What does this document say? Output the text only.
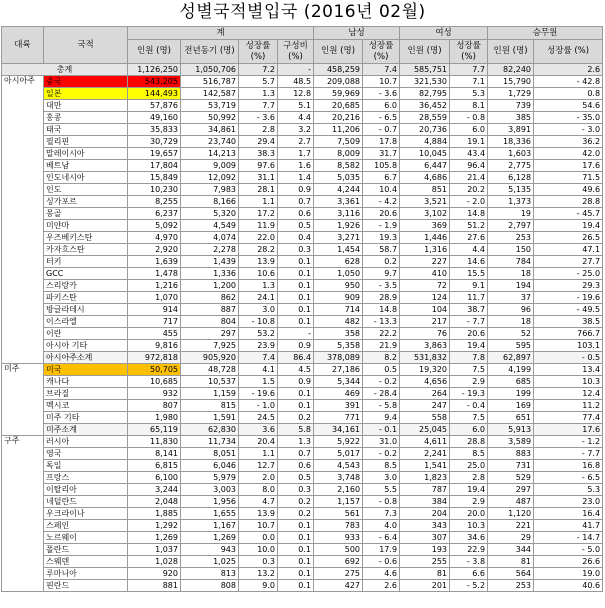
성별국적별입국 (2016년 02월)
대륙	국적	계				남성		여성		승무원	
		인원 (명)	전년동기 (명)	성장률 (%)	구성비 (%)	인원 (명)	성장률 (%)	인원 (명)	성장률 (%)	인원 (명)	성장률 (%)
총계		1,126,250	1,050,706	7.2	-	458,259	7.4	585,751	7.7	82,240	2.6
아시아주	중국	543,205	516,787	5.7	48.5	209,088	10.7	321,530	7.1	15,790	- 42.8
	일본	144,493	142,587	1.3	12.8	59,969	- 3.6	82,795	5.3	1,729	0.8
	대만	57,876	53,719	7.7	5.1	20,685	6.0	36,452	8.1	739	54.6
	홍콩	49,160	50,992	- 3.6	4.4	20,216	- 6.5	28,559	- 0.8	385	- 35.0
	태국	35,833	34,861	2.8	3.2	11,206	- 0.7	20,736	6.0	3,891	- 3.0
	필리핀	30,729	23,740	29.4	2.7	7,509	17.8	4,884	19.1	18,336	36.2
	말레이시아	19,657	14,213	38.3	1.7	8,009	31.7	10,045	43.4	1,603	42.0
	베트남	17,804	9,009	97.6	1.6	8,582	105.8	6,447	96.4	2,775	17.6
	인도네시아	15,849	12,092	31.1	1.4	5,035	6.7	4,686	21.4	6,128	71.5
	인도	10,230	7,983	28.1	0.9	4,244	10.4	851	20.2	5,135	49.6
	싱가포르	8,255	8,166	1.1	0.7	3,361	- 4.2	3,521	- 2.0	1,373	28.8
	몽골	6,237	5,320	17.2	0.6	3,116	20.6	3,102	14.8	19	- 45.7
	미얀마	5,092	4,549	11.9	0.5	1,926	- 1.9	369	51.2	2,797	19.4
	우즈베키스탄	4,970	4,074	22.0	0.4	3,271	19.3	1,446	27.6	253	26.5
	카자흐스탄	2,920	2,278	28.2	0.3	1,454	58.7	1,316	4.4	150	47.1
	터키	1,639	1,439	13.9	0.1	628	0.2	227	14.6	784	27.7
	GCC	1,478	1,336	10.6	0.1	1,050	9.7	410	15.5	18	- 25.0
	스리랑카	1,216	1,200	1.3	0.1	950	- 3.5	72	9.1	194	29.3
	파키스탄	1,070	862	24.1	0.1	909	28.9	124	11.7	37	- 19.6
	방글라데시	914	887	3.0	0.1	714	14.8	104	38.7	96	- 49.5
	이스라엘	717	804	- 10.8	0.1	482	- 13.3	217	- 7.7	18	38.5
	이란	455	297	53.2	-	358	22.2	76	20.6	52	766.7
	아시아 기타	9,816	7,925	23.9	0.9	5,358	21.9	3,863	19.4	595	103.1
	아시아주소계	972,818	905,920	7.4	86.4	378,089	8.2	531,832	7.8	62,897	- 0.5
미주	미국	50,705	48,728	4.1	4.5	27,186	0.5	19,320	7.5	4,199	13.4
	캐나다	10,685	10,537	1.5	0.9	5,344	- 0.2	4,656	2.9	685	10.3
	브라질	932	1,159	- 19.6	0.1	469	- 28.4	264	- 19.3	199	12.4
	멕시코	807	815	- 1.0	0.1	391	- 5.8	247	- 0.4	169	11.2
	미주 기타	1,980	1,591	24.5	0.2	771	9.4	558	7.5	651	77.4
	미주소계	65,119	62,830	3.6	5.8	34,161	- 0.1	25,045	6.0	5,913	17.6
구주	러시아	11,830	11,734	20.4	1.3	5,922	31.0	4,611	28.8	3,589	- 1.2
	영국	8,141	8,051	1.1	0.7	5,017	- 0.2	2,241	8.5	883	- 7.7
	독일	6,815	6,046	12.7	0.6	4,543	8.5	1,541	25.0	731	16.8
	프랑스	6,100	5,979	2.0	0.5	3,748	3.0	1,823	2.8	529	- 6.5
	이탈리아	3,244	3,003	8.0	0.3	2,160	5.5	787	19.4	297	5.3
	네덜란드	2,048	1,956	4.7	0.2	1,157	- 0.8	384	2.9	487	23.0
	우크라이나	1,885	1,655	13.9	0.2	561	7.3	204	20.0	1,120	16.4
	스페인	1,292	1,167	10.7	0.1	783	4.0	343	10.3	221	41.7
	노르웨이	1,269	1,269	0.0	0.1	933	- 6.4	307	34.6	29	- 14.7
	폴란드	1,037	943	10.0	0.1	500	17.9	193	22.9	344	- 5.0
	스웨덴	1,028	1,025	0.3	0.1	692	- 0.6	255	- 3.8	81	26.6
	루마니아	920	813	13.2	0.1	275	4.6	81	6.6	564	19.0
	핀란드	881	808	9.0	0.1	427	2.6	201	- 5.2	253	40.6
